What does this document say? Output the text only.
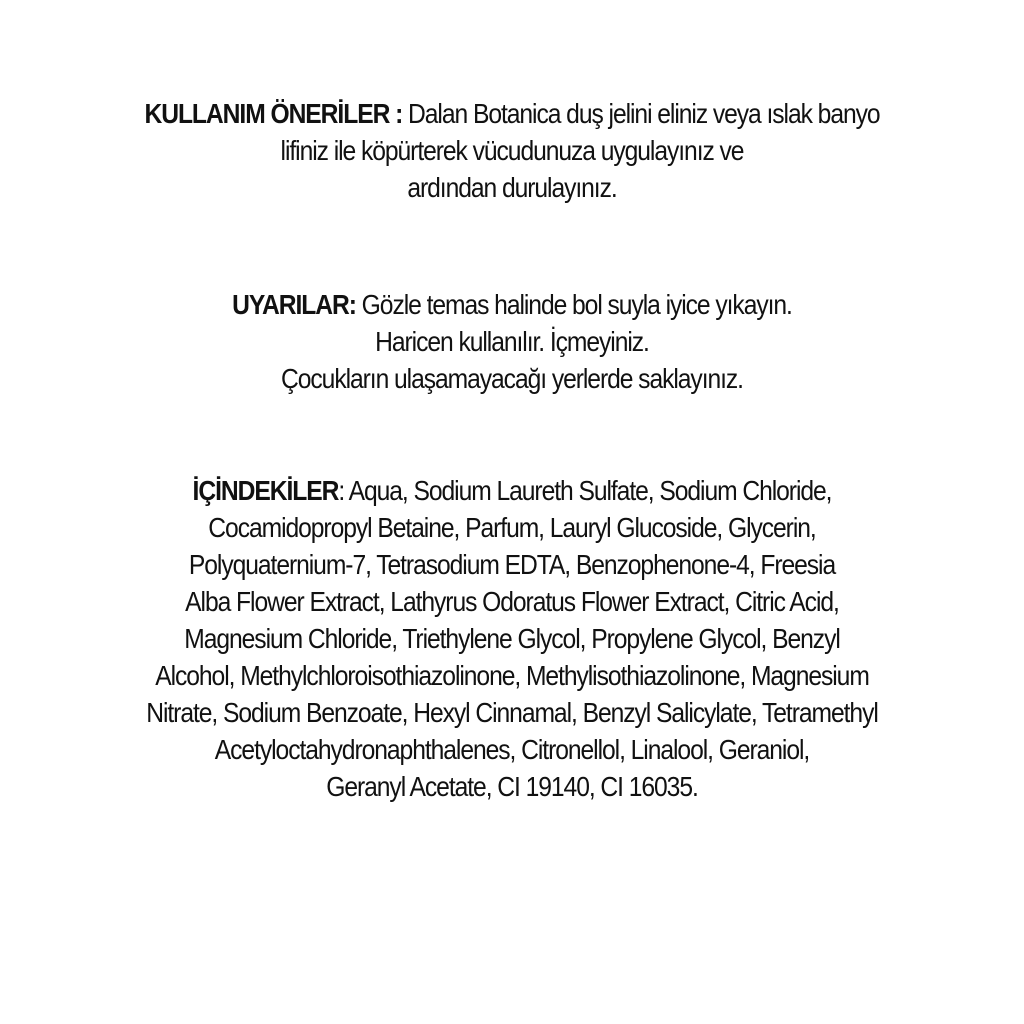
KULLANIM ÖNERİLER : Dalan Botanica duş jelini eliniz veya ıslak banyo
lifiniz ile köpürterek vücudunuza uygulayınız ve
ardından durulayınız.
UYARILAR: Gözle temas halinde bol suyla iyice yıkayın.
Haricen kullanılır. İçmeyiniz.
Çocukların ulaşamayacağı yerlerde saklayınız.
İÇİNDEKİLER: Aqua, Sodium Laureth Sulfate, Sodium Chloride,
Cocamidopropyl Betaine, Parfum, Lauryl Glucoside, Glycerin,
Polyquaternium-7, Tetrasodium EDTA, Benzophenone-4, Freesia
Alba Flower Extract, Lathyrus Odoratus Flower Extract, Citric Acid,
Magnesium Chloride, Triethylene Glycol, Propylene Glycol, Benzyl
Alcohol, Methylchloroisothiazolinone, Methylisothiazolinone, Magnesium
Nitrate, Sodium Benzoate, Hexyl Cinnamal, Benzyl Salicylate, Tetramethyl
Acetyloctahydronaphthalenes, Citronellol, Linalool, Geraniol,
Geranyl Acetate, CI 19140, CI 16035.
